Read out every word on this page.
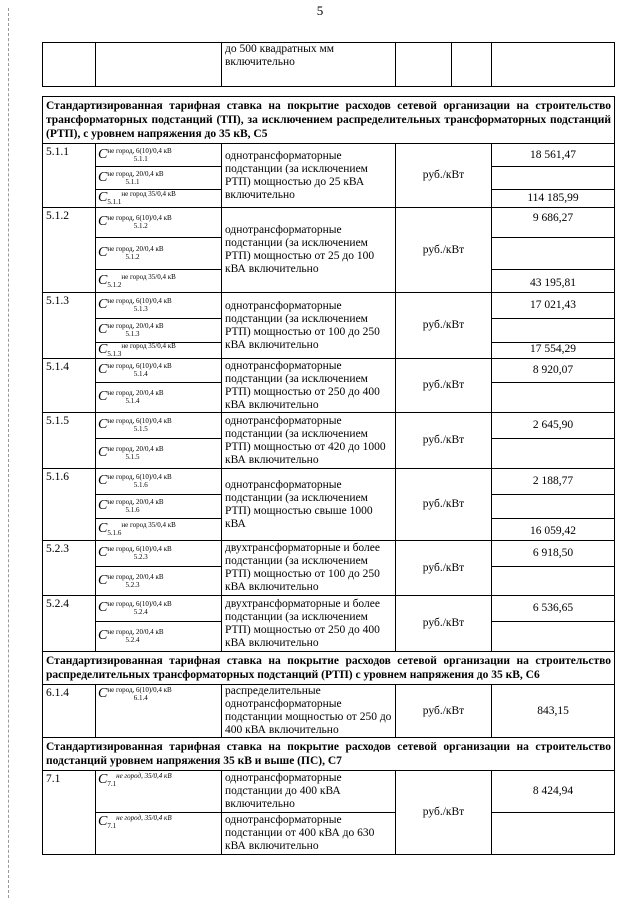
5
		до 500 квадратных мм включительно			

Стандартизированная тарифная ставка на покрытие расходов сетевой организации на строительство трансформаторных подстанций (ТП), за исключением распределительных трансформаторных подстанций (РТП), с уровнем напряжения до 35 кВ, С5					
5.1.1	$C^{не город, 6(10)/0,4 кВ}_{5.1.1}$	однотрансформаторные подстанции (за исключением РТП) мощностью до 25 кВА включительно	руб./кВт		18 561,47
	$C^{не город, 20/0,4 кВ}_{5.1.1}$	
	$C_{5.1.1}^{не город 35/0,4 кВ}$				114 185,99
5.1.2	$C^{не город, 6(10)/0,4 кВ}_{5.1.2}$	однотрансформаторные подстанции (за исключением РТП) мощностью от 25 до 100 кВА включительно	руб./кВт		9 686,27
	$C^{не город, 20/0,4 кВ}_{5.1.2}$	
	$C_{5.1.2}^{не город 35/0,4 кВ}$				43 195,81
5.1.3	$C^{не город, 6(10)/0,4 кВ}_{5.1.3}$	однотрансформаторные подстанции (за исключением РТП) мощностью от 100 до 250 кВА включительно	руб./кВт		17 021,43
	$C^{не город, 20/0,4 кВ}_{5.1.3}$	
	$C_{5.1.3}^{не город 35/0,4 кВ}$				17 554,29
5.1.4	$C^{не город, 6(10)/0,4 кВ}_{5.1.4}$	однотрансформаторные подстанции (за исключением РТП) мощностью от 250 до 400 кВА включительно	руб./кВт		8 920,07
	$C^{не город, 20/0,4 кВ}_{5.1.4}$	
5.1.5	$C^{не город, 6(10)/0,4 кВ}_{5.1.5}$	однотрансформаторные подстанции (за исключением РТП) мощностью от 420 до 1000 кВА включительно	руб./кВт		2 645,90
	$C^{не город, 20/0,4 кВ}_{5.1.5}$	
5.1.6	$C^{не город, 6(10)/0,4 кВ}_{5.1.6}$	однотрансформаторные подстанции (за исключением РТП) мощностью свыше 1000 кВА	руб./кВт		2 188,77
	$C^{не город, 20/0,4 кВ}_{5.1.6}$	
	$C_{5.1.6}^{не город 35/0,4 кВ}$				16 059,42
5.2.3	$C^{не город, 6(10)/0,4 кВ}_{5.2.3}$	двухтрансформаторные и более подстанции (за исключением РТП) мощностью от 100 до 250 кВА включительно	руб./кВт		6 918,50
	$C^{не город, 20/0,4 кВ}_{5.2.3}$	
5.2.4	$C^{не город, 6(10)/0,4 кВ}_{5.2.4}$	двухтрансформаторные и более подстанции (за исключением РТП) мощностью от 250 до 400 кВА включительно	руб./кВт		6 536,65
	$C^{не город, 20/0,4 кВ}_{5.2.4}$	
Стандартизированная тарифная ставка на покрытие расходов сетевой организации на строительство распределительных трансформаторных подстанций (РТП) с уровнем напряжения до 35 кВ, С6					
6.1.4	$C^{не город, 6(10)/0,4 кВ}_{6.1.4}$	распределительные однотрансформаторные подстанции мощностью от 250 до 400 кВА включительно	руб./кВт		843,15
Стандартизированная тарифная ставка на покрытие расходов сетевой организации на строительство подстанций уровнем напряжения 35 кВ и выше (ПС), С7					
7.1	$C_{7.1}^{не город, 35/0,4 кВ}$	однотрансформаторные подстанции до 400 кВА включительно	руб./кВт		8 424,94
	$C_{7.1}^{не город, 35/0,4 кВ}$	однотрансформаторные подстанции от 400 кВА до 630 кВА включительно			
